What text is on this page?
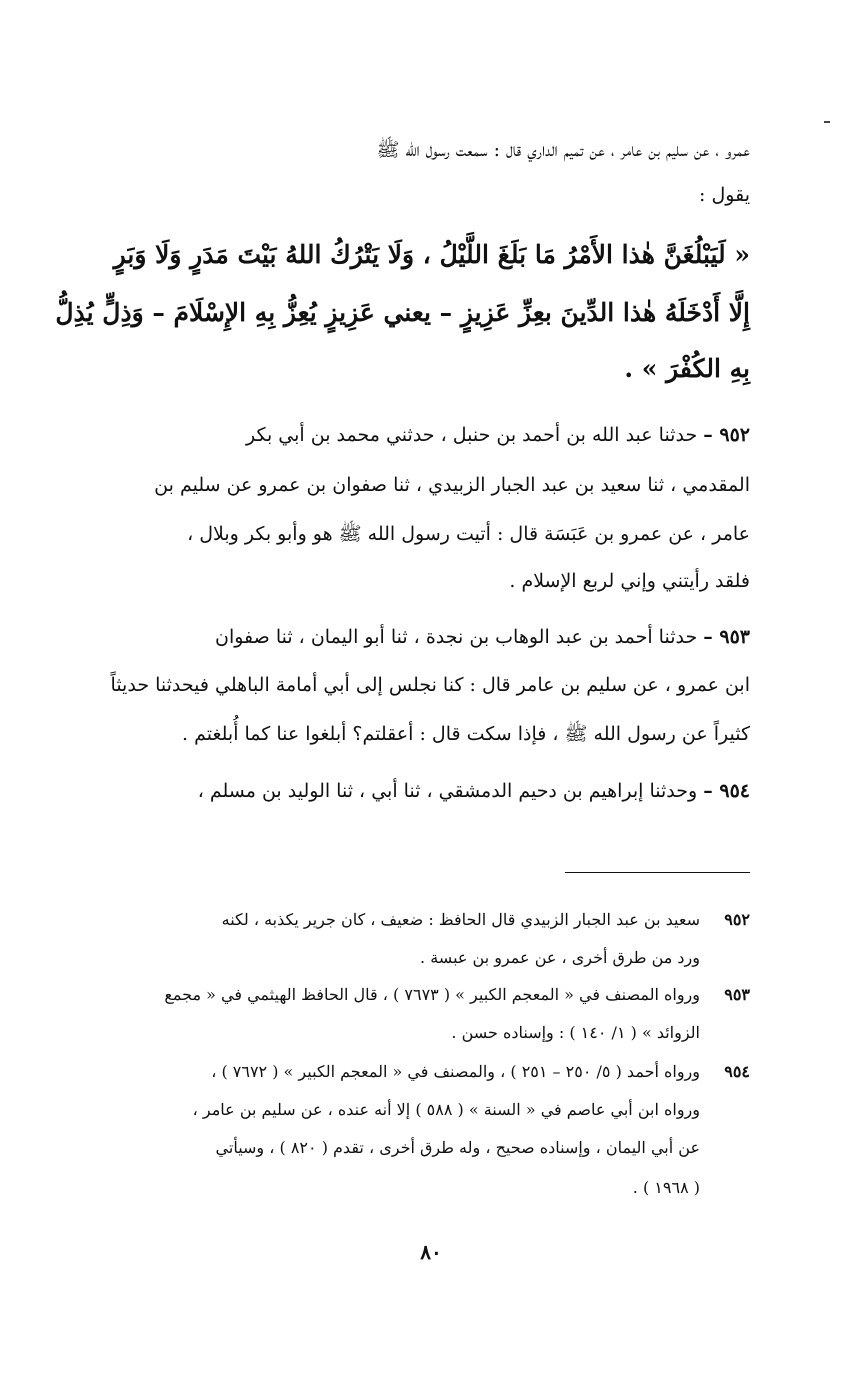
عمرو ، عن سليم بن عامر ، عن تميم الداري قال : سمعت رسول الله ﷺ
يقول :
« لَيَبْلُغَنَّ هٰذا الأَمْرُ مَا بَلَغَ اللَّيْلُ ، وَلَا يَتْرُكُ اللهُ بَيْتَ مَدَرٍ وَلَا وَبَرٍ
إِلَّا أَدْخَلَهُ هٰذا الدِّينَ بعِزِّ عَزِيزٍ – يعني عَزِيزٍ يُعِزُّ بِهِ الإِسْلَامَ – وَذِلٍّ يُذِلُّ
بِهِ الكُفْرَ » .
٩٥٢ – حدثنا عبد الله بن أحمد بن حنبل ، حدثني محمد بن أبي بكر
المقدمي ، ثنا سعيد بن عبد الجبار الزبيدي ، ثنا صفوان بن عمرو عن سليم بن
عامر ، عن عمرو بن عَبَسَة قال : أتيت رسول الله ﷺ هو وأبو بكر وبلال ،
فلقد رأيتني وإني لربع الإسلام .
٩٥٣ – حدثنا أحمد بن عبد الوهاب بن نجدة ، ثنا أبو اليمان ، ثنا صفوان
ابن عمرو ، عن سليم بن عامر قال : كنا نجلس إلى أبي أمامة الباهلي فيحدثنا حديثاً
كثيراً عن رسول الله ﷺ ، فإذا سكت قال : أعقلتم؟ أبلغوا عنا كما أُبلغتم .
٩٥٤ – وحدثنا إبراهيم بن دحيم الدمشقي ، ثنا أبي ، ثنا الوليد بن مسلم ،
٩٥٢
سعيد بن عبد الجبار الزبيدي قال الحافظ : ضعيف ، كان جرير يكذبه ، لكنه
ورد من طرق أخرى ، عن عمرو بن عبسة .
٩٥٣
ورواه المصنف في « المعجم الكبير » ( ٧٦٧٣ ) ، قال الحافظ الهيثمي في « مجمع
الزوائد » ( ١/ ١٤٠ ) : وإسناده حسن .
٩٥٤
ورواه أحمد ( ٥/ ٢٥٠ – ٢٥١ ) ، والمصنف في « المعجم الكبير » ( ٧٦٧٢ ) ،
ورواه ابن أبي عاصم في « السنة » ( ٥٨٨ ) إلا أنه عنده ، عن سليم بن عامر ،
عن أبي اليمان ، وإسناده صحيح ، وله طرق أخرى ، تقدم ( ٨٢٠ ) ، وسيأتي
( ١٩٦٨ ) .
٨٠
